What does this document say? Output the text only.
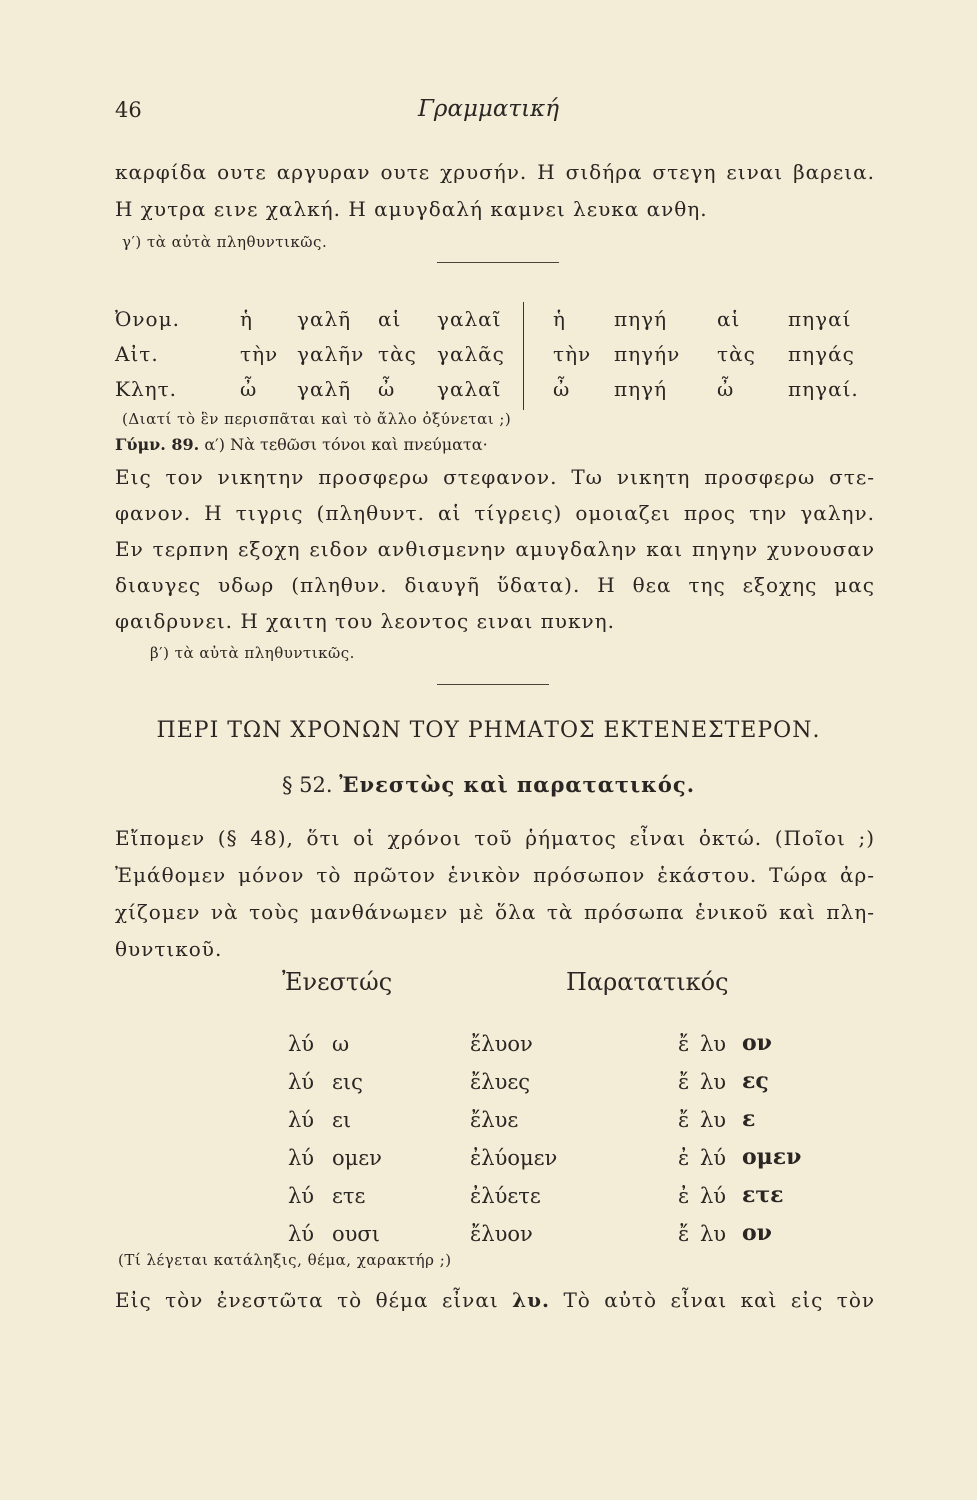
46	Γραμματική
καρφίδα ουτε αργυραν ουτε χρυσήν. Η σιδήρα στεγη ειναι βαρεια.
Η χυτρα εινε χαλκή. Η αμυγδαλή καμνει λευκα ανθη.
γ′) τὰ αὐτὰ πληθυντικῶς.
Ὀνομ.
Αἰτ.
Κλητ.
ἡ
τὴν
ὦ
γαλῆ
γαλῆν
γαλῆ
αἱ
τὰς
ὦ
γαλαῖ
γαλᾶς
γαλαῖ
ἡ
τὴν
ὦ
πηγή
πηγήν
πηγή
αἱ
τὰς
ὦ
πηγαί
πηγάς
πηγαί.
(Διατί τὸ ἓν περισπᾶται καὶ τὸ ἄλλο ὀξύνεται ;)
Γύμν. 89. α′) Νὰ τεθῶσι τόνοι καὶ πνεύματα·
Εις τον νικητην προσφερω στεφανον. Τω νικητη προσφερω στε-
φανον. Η τιγρις (πληθυντ. αἱ τίγρεις) ομοιαζει προς την γαλην.
Εν τερπνη εξοχη ειδον ανθισμενην αμυγδαλην και πηγην χυνουσαν
διαυγες υδωρ (πληθυν. διαυγῆ ὕδατα). Η θεα της εξοχης μας
φαιδρυνει. Η χαιτη του λεοντος ειναι πυκνη.
β′) τὰ αὐτὰ πληθυντικῶς.
ΠΕΡΙ ΤΩΝ ΧΡΟΝΩΝ ΤΟΥ ΡΗΜΑΤΟΣ ΕΚΤΕΝΕΣΤΕΡΟΝ.
§ 52. Ἐνεστὼς καὶ παρατατικός.
Εἴπομεν (§ 48), ὅτι οἱ χρόνοι τοῦ ῥήματος εἶναι ὀκτώ. (Ποῖοι ;)
Ἐμάθομεν μόνον τὸ πρῶτον ἑνικὸν πρόσωπον ἑκάστου. Τώρα ἀρ-
χίζομεν νὰ τοὺς μανθάνωμεν μὲ ὅλα τὰ πρόσωπα ἑνικοῦ καὶ πλη-
θυντικοῦ.
Ἐνεστώς	Παρατατικός
λύ
λύ
λύ
λύ
λύ
λύ
ω
εις
ει
ομεν
ετε
ουσι
ἔλυον
ἔλυες
ἔλυε
ἐλύομεν
ἐλύετε
ἔλυον
ἔ
ἔ
ἔ
ἐ
ἐ
ἔ
λυ
λυ
λυ
λύ
λύ
λυ
ον
ες
ε
ομεν
ετε
ον
(Τί λέγεται κατάληξις, θέμα, χαρακτήρ ;)
Εἰς τὸν ἐνεστῶτα τὸ θέμα εἶναι λυ. Τὸ αὐτὸ εἶναι καὶ εἰς τὸν
